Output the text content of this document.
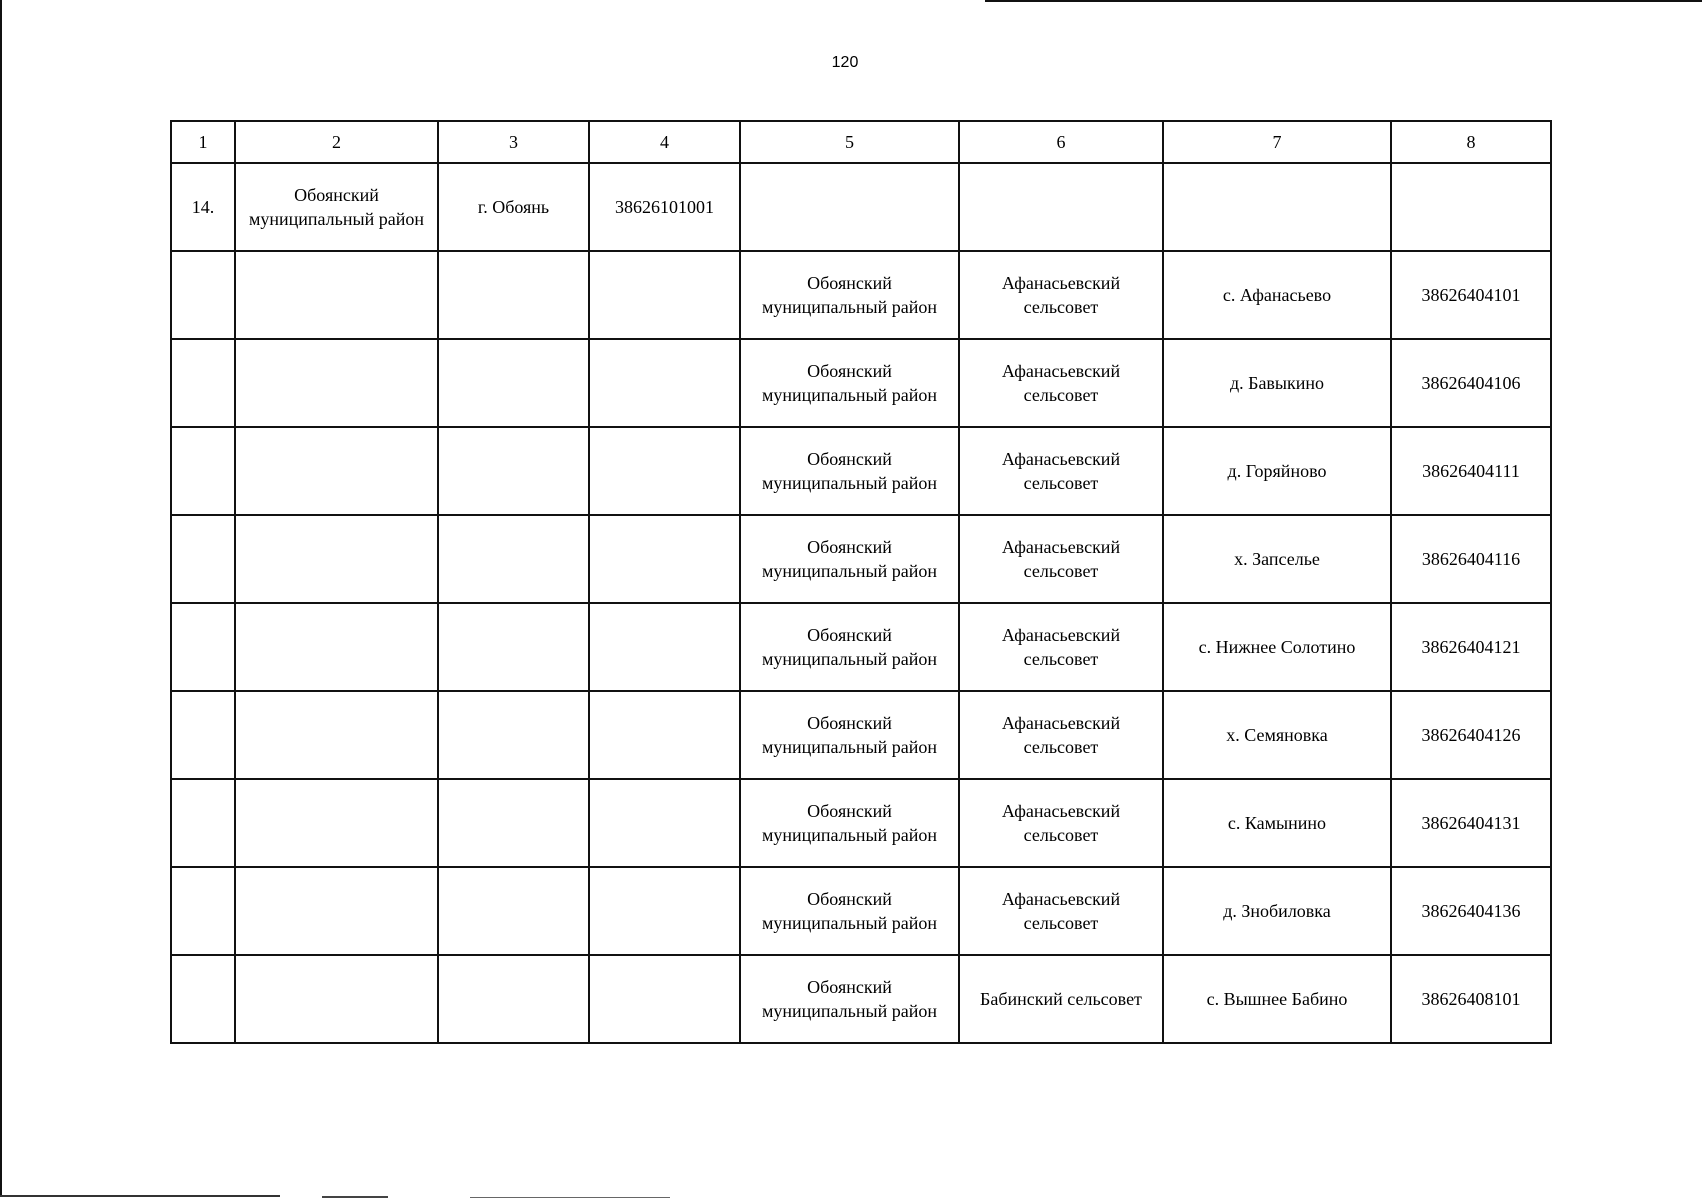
120
1	2	3	4	5	6	7	8
14.	Обоянский муниципальный район	г. Обоянь	38626101001				
				Обоянский муниципальный район	Афанасьевский сельсовет	с. Афанасьево	38626404101
				Обоянский муниципальный район	Афанасьевский сельсовет	д. Бавыкино	38626404106
				Обоянский муниципальный район	Афанасьевский сельсовет	д. Горяйново	38626404111
				Обоянский муниципальный район	Афанасьевский сельсовет	х. Запселье	38626404116
				Обоянский муниципальный район	Афанасьевский сельсовет	с. Нижнее Солотино	38626404121
				Обоянский муниципальный район	Афанасьевский сельсовет	х. Семяновка	38626404126
				Обоянский муниципальный район	Афанасьевский сельсовет	с. Камынино	38626404131
				Обоянский муниципальный район	Афанасьевский сельсовет	д. Знобиловка	38626404136
				Обоянский муниципальный район	Бабинский сельсовет	с. Вышнее Бабино	38626408101
